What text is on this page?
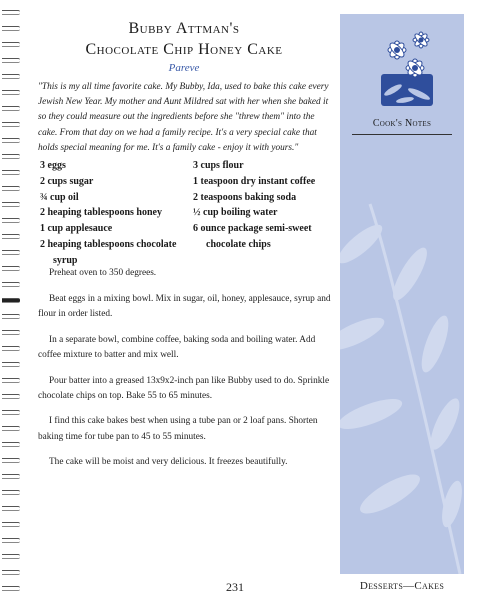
Bubby Attman's
Chocolate Chip Honey Cake
Pareve
"This is my all time favorite cake. My Bubby, Ida, used to bake this cake every Jewish New Year. My mother and Aunt Mildred sat with her when she baked it so they could measure out the ingredients before she "threw them" into the cake. From that day on we had a family recipe. It's a very special cake that holds special meaning for me. It's a family cake - enjoy it with yours."
3 eggs
2 cups sugar
¾ cup oil
2 heaping tablespoons honey
1 cup applesauce
2 heaping tablespoons chocolate
syrup
3 cups flour
1 teaspoon dry instant coffee
2 teaspoons baking soda
½ cup boiling water
6 ounce package semi-sweet
chocolate chips

Preheat oven to 350 degrees.

Beat eggs in a mixing bowl. Mix in sugar, oil, honey, applesauce, syrup and flour in order listed.

In a separate bowl, combine coffee, baking soda and boiling water. Add coffee mixture to batter and mix well.

Pour batter into a greased 13x9x2-inch pan like Bubby used to do. Sprinkle chocolate chips on top. Bake 55 to 65 minutes.

I find this cake bakes best when using a tube pan or 2 loaf pans. Shorten baking time for tube pan to 45 to 55 minutes.

The cake will be moist and very delicious. It freezes beautifully.

Cook's Notes
231	Desserts—Cakes
